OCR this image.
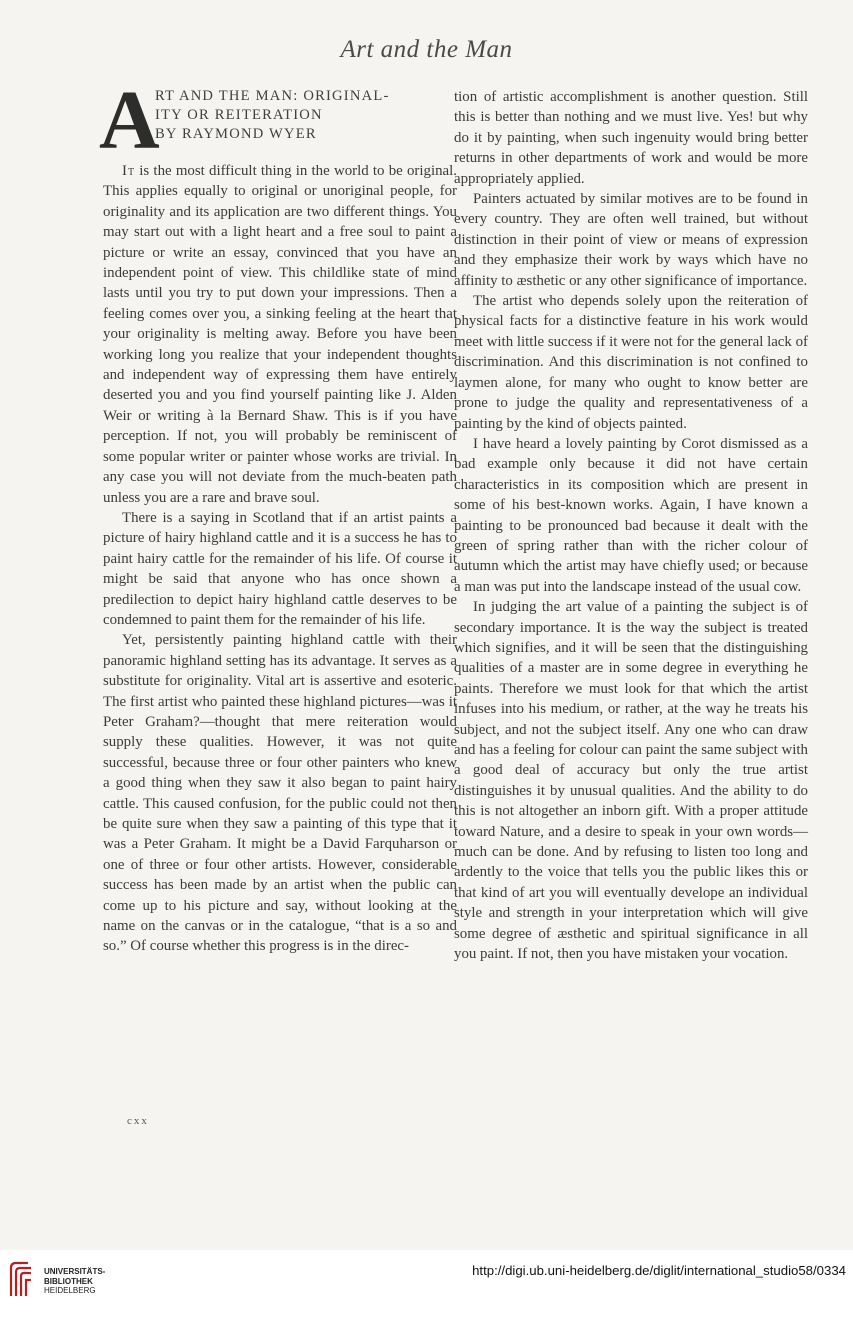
Art and the Man
A
RT AND THE MAN: ORIGINAL-
ITY OR REITERATION
BY RAYMOND WYER

It is the most difficult thing in the world to be original. This applies equally to original or unoriginal people, for originality and its application are two different things. You may start out with a light heart and a free soul to paint a picture or write an essay, convinced that you have an independent point of view. This childlike state of mind lasts until you try to put down your impressions. Then a feeling comes over you, a sinking feeling at the heart that your originality is melting away. Before you have been working long you realize that your independent thoughts and independent way of expressing them have entirely deserted you and you find yourself painting like J. Alden Weir or writing à la Bernard Shaw. This is if you have perception. If not, you will probably be reminiscent of some popular writer or painter whose works are trivial. In any case you will not deviate from the much-beaten path unless you are a rare and brave soul.

There is a saying in Scotland that if an artist paints a picture of hairy highland cattle and it is a success he has to paint hairy cattle for the remainder of his life. Of course it might be said that anyone who has once shown a predilection to depict hairy highland cattle deserves to be condemned to paint them for the remainder of his life.

Yet, persistently painting highland cattle with their panoramic highland setting has its advantage. It serves as a substitute for originality. Vital art is assertive and esoteric. The first artist who painted these highland pictures—was it Peter Graham?—thought that mere reiteration would supply these qualities. However, it was not quite successful, because three or four other painters who knew a good thing when they saw it also began to paint hairy cattle. This caused confusion, for the public could not then be quite sure when they saw a painting of this type that it was a Peter Graham. It might be a David Farquharson or one of three or four other artists. However, considerable success has been made by an artist when the public can come up to his picture and say, without looking at the name on the canvas or in the catalogue, “that is a so and so.” Of course whether this progress is in the direc-

tion of artistic accomplishment is another question. Still this is better than nothing and we must live. Yes! but why do it by painting, when such ingenuity would bring better returns in other departments of work and would be more appropriately applied.

Painters actuated by similar motives are to be found in every country. They are often well trained, but without distinction in their point of view or means of expression and they emphasize their work by ways which have no affinity to æsthetic or any other significance of importance.

The artist who depends solely upon the reiteration of physical facts for a distinctive feature in his work would meet with little success if it were not for the general lack of discrimination. And this discrimination is not confined to laymen alone, for many who ought to know better are prone to judge the quality and representativeness of a painting by the kind of objects painted.

I have heard a lovely painting by Corot dismissed as a bad example only because it did not have certain characteristics in its composition which are present in some of his best-known works. Again, I have known a painting to be pronounced bad because it dealt with the green of spring rather than with the richer colour of autumn which the artist may have chiefly used; or because a man was put into the landscape instead of the usual cow.

In judging the art value of a painting the subject is of secondary importance. It is the way the subject is treated which signifies, and it will be seen that the distinguishing qualities of a master are in some degree in everything he paints. Therefore we must look for that which the artist infuses into his medium, or rather, at the way he treats his subject, and not the subject itself. Any one who can draw and has a feeling for colour can paint the same subject with a good deal of accuracy but only the true artist distinguishes it by unusual qualities. And the ability to do this is not altogether an inborn gift. With a proper attitude toward Nature, and a desire to speak in your own words—much can be done. And by refusing to listen too long and ardently to the voice that tells you the public likes this or that kind of art you will eventually develope an individual style and strength in your interpretation which will give some degree of æsthetic and spiritual significance in all you paint. If not, then you have mistaken your vocation.

cxx
UNIVERSITÄTS-
BIBLIOTHEK
HEIDELBERG
http://digi.ub.uni-heidelberg.de/diglit/international_studio58/0334
